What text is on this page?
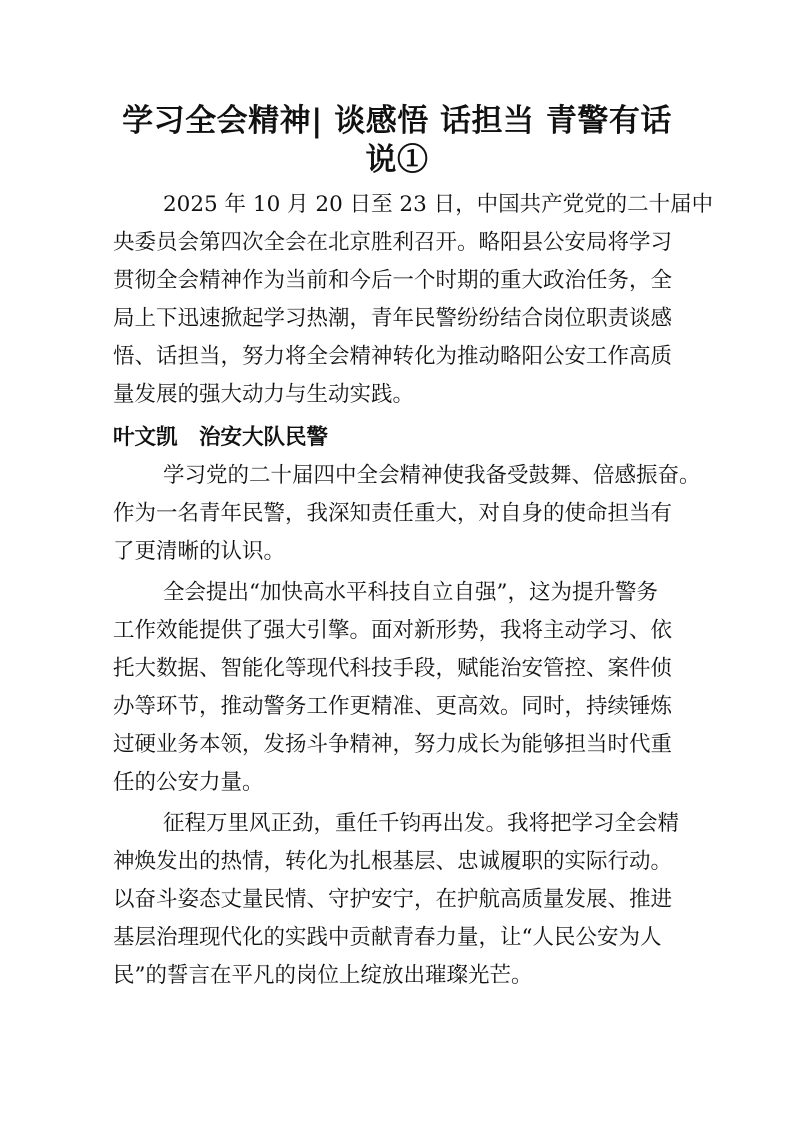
学习全会精神| 谈感悟 话担当 青警有话
说①

2025 年 10 月 20 日至 23 日，中国共产党党的二十届中

央委员会第四次全会在北京胜利召开。略阳县公安局将学习

贯彻全会精神作为当前和今后一个时期的重大政治任务，全

局上下迅速掀起学习热潮，青年民警纷纷结合岗位职责谈感

悟、话担当，努力将全会精神转化为推动略阳公安工作高质

量发展的强大动力与生动实践。

叶文凯　治安大队民警

学习党的二十届四中全会精神使我备受鼓舞、倍感振奋。

作为一名青年民警，我深知责任重大，对自身的使命担当有

了更清晰的认识。

全会提出“加快高水平科技自立自强”，这为提升警务

工作效能提供了强大引擎。面对新形势，我将主动学习、依

托大数据、智能化等现代科技手段，赋能治安管控、案件侦

办等环节，推动警务工作更精准、更高效。同时，持续锤炼

过硬业务本领，发扬斗争精神，努力成长为能够担当时代重

任的公安力量。

征程万里风正劲，重任千钧再出发。我将把学习全会精

神焕发出的热情，转化为扎根基层、忠诚履职的实际行动。

以奋斗姿态丈量民情、守护安宁，在护航高质量发展、推进

基层治理现代化的实践中贡献青春力量，让“人民公安为人

民”的誓言在平凡的岗位上绽放出璀璨光芒。
